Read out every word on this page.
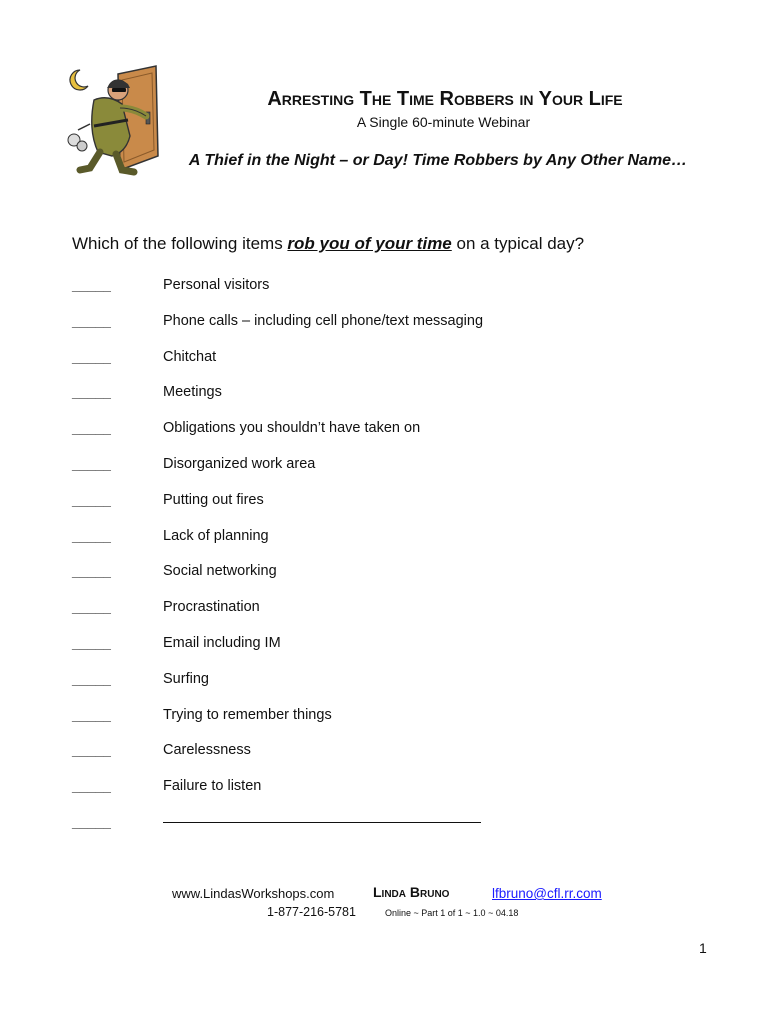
Arresting The Time Robbers in Your Life
A Single 60-minute Webinar
A Thief in the Night – or Day! Time Robbers by Any Other Name…
Which of the following items rob you of your time on a typical day?
_____	Personal visitors
_____	Phone calls – including cell phone/text messaging
_____	Chitchat
_____	Meetings
_____	Obligations you shouldn’t have taken on
_____	Disorganized work area
_____	Putting out fires
_____	Lack of planning
_____	Social networking
_____	Procrastination
_____	Email including IM
_____	Surfing
_____	Trying to remember things
_____	Carelessness
_____	Failure to listen
_____
www.LindasWorkshops.com	Linda Bruno	lfbruno@cfl.rr.com
1-877-216-5781	Online ~ Part 1 of 1 ~ 1.0 ~ 04.18
1
